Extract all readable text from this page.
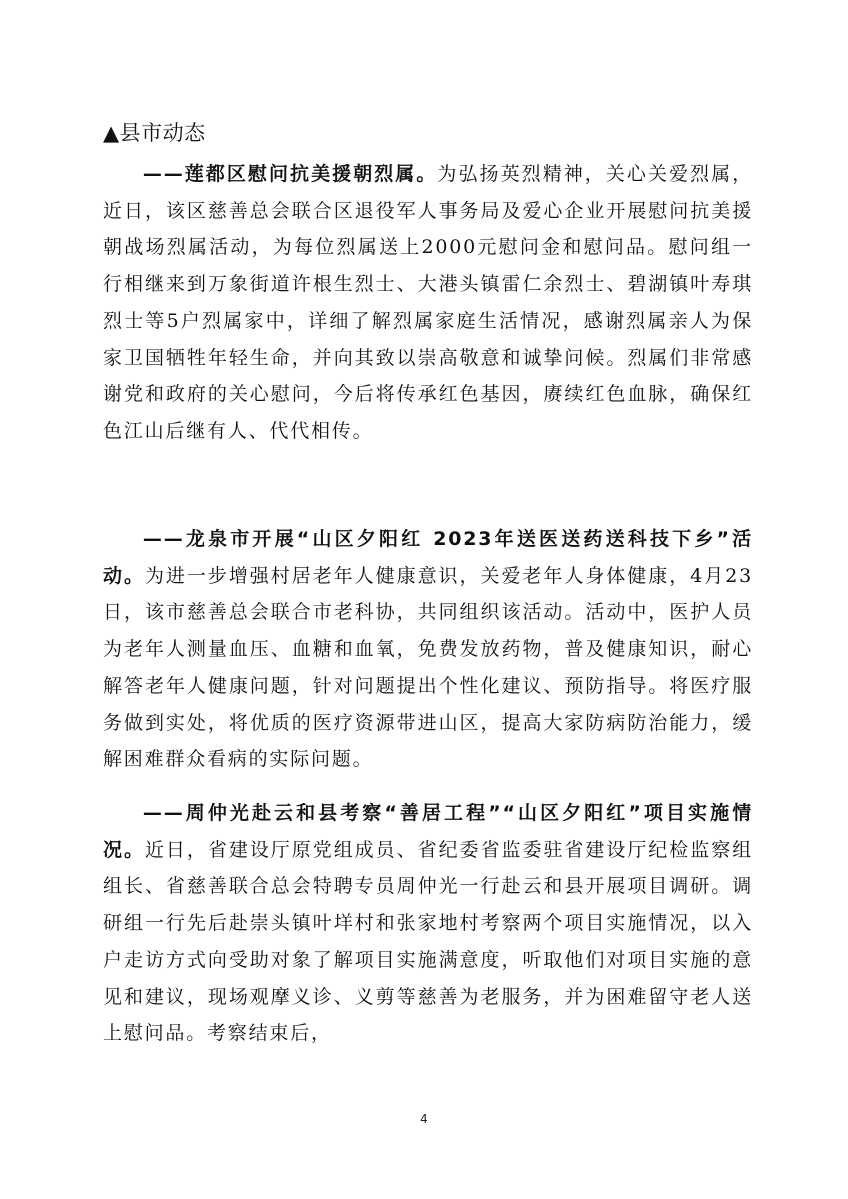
▲县市动态

——莲都区慰问抗美援朝烈属。为弘扬英烈精神，关心关爱烈属，近日，该区慈善总会联合区退役军人事务局及爱心企业开展慰问抗美援朝战场烈属活动，为每位烈属送上2000元慰问金和慰问品。慰问组一行相继来到万象街道许根生烈士、大港头镇雷仁余烈士、碧湖镇叶寿琪烈士等5户烈属家中，详细了解烈属家庭生活情况，感谢烈属亲人为保家卫国牺牲年轻生命，并向其致以崇高敬意和诚挚问候。烈属们非常感谢党和政府的关心慰问，今后将传承红色基因，赓续红色血脉，确保红色江山后继有人、代代相传。

——龙泉市开展“山区夕阳红 2023年送医送药送科技下乡”活动。为进一步增强村居老年人健康意识，关爱老年人身体健康，4月23日，该市慈善总会联合市老科协，共同组织该活动。活动中，医护人员为老年人测量血压、血糖和血氧，免费发放药物，普及健康知识，耐心解答老年人健康问题，针对问题提出个性化建议、预防指导。将医疗服务做到实处，将优质的医疗资源带进山区，提高大家防病防治能力，缓解困难群众看病的实际问题。

——周仲光赴云和县考察“善居工程”“山区夕阳红”项目实施情况。近日，省建设厅原党组成员、省纪委省监委驻省建设厅纪检监察组组长、省慈善联合总会特聘专员周仲光一行赴云和县开展项目调研。调研组一行先后赴崇头镇叶垟村和张家地村考察两个项目实施情况，以入户走访方式向受助对象了解项目实施满意度，听取他们对项目实施的意见和建议，现场观摩义诊、义剪等慈善为老服务，并为困难留守老人送上慰问品。考察结束后，

4
